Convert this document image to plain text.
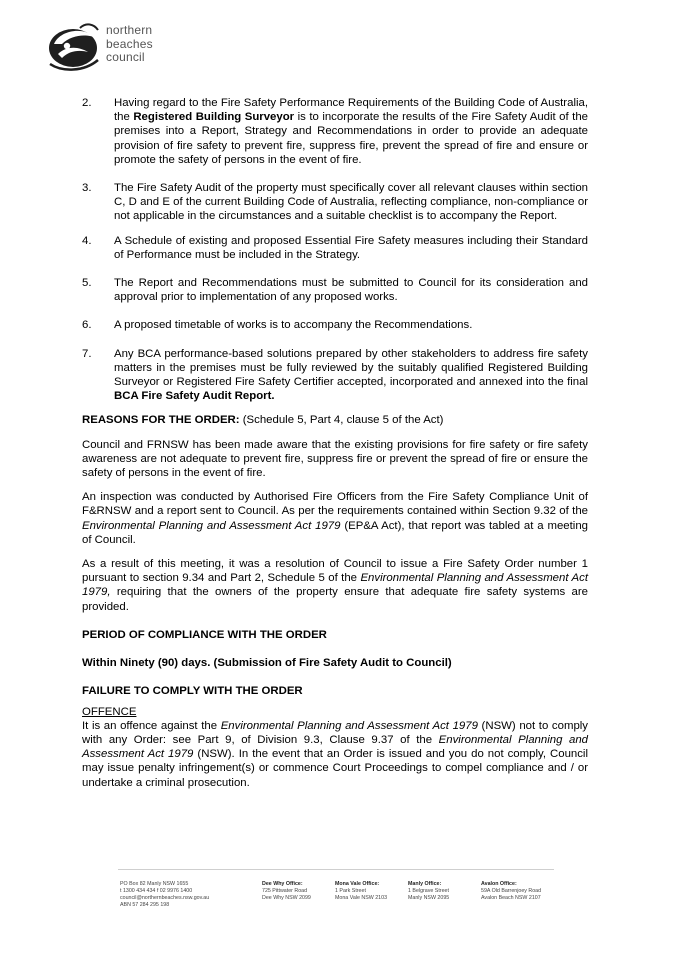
northern
beaches
council
2. Having regard to the Fire Safety Performance Requirements of the Building Code of Australia, the Registered Building Surveyor is to incorporate the results of the Fire Safety Audit of the premises into a Report, Strategy and Recommendations in order to provide an adequate provision of fire safety to prevent fire, suppress fire, prevent the spread of fire and ensure or promote the safety of persons in the event of fire.
3. The Fire Safety Audit of the property must specifically cover all relevant clauses within section C, D and E of the current Building Code of Australia, reflecting compliance, non-compliance or not applicable in the circumstances and a suitable checklist is to accompany the Report.
4. A Schedule of existing and proposed Essential Fire Safety measures including their Standard of Performance must be included in the Strategy.
5. The Report and Recommendations must be submitted to Council for its consideration and approval prior to implementation of any proposed works.
6. A proposed timetable of works is to accompany the Recommendations.
7. Any BCA performance-based solutions prepared by other stakeholders to address fire safety matters in the premises must be fully reviewed by the suitably qualified Registered Building Surveyor or Registered Fire Safety Certifier accepted, incorporated and annexed into the final BCA Fire Safety Audit Report.

REASONS FOR THE ORDER: (Schedule 5, Part 4, clause 5 of the Act)

Council and FRNSW has been made aware that the existing provisions for fire safety or fire safety awareness are not adequate to prevent fire, suppress fire or prevent the spread of fire or ensure the safety of persons in the event of fire.

An inspection was conducted by Authorised Fire Officers from the Fire Safety Compliance Unit of F&RNSW and a report sent to Council. As per the requirements contained within Section 9.32 of the Environmental Planning and Assessment Act 1979 (EP&A Act), that report was tabled at a meeting of Council.

As a result of this meeting, it was a resolution of Council to issue a Fire Safety Order number 1 pursuant to section 9.34 and Part 2, Schedule 5 of the Environmental Planning and Assessment Act 1979, requiring that the owners of the property ensure that adequate fire safety systems are provided.

PERIOD OF COMPLIANCE WITH THE ORDER

Within Ninety (90) days. (Submission of Fire Safety Audit to Council)

FAILURE TO COMPLY WITH THE ORDER

OFFENCE

It is an offence against the Environmental Planning and Assessment Act 1979 (NSW) not to comply with any Order: see Part 9, of Division 9.3, Clause 9.37 of the Environmental Planning and Assessment Act 1979 (NSW). In the event that an Order is issued and you do not comply, Council may issue penalty infringement(s) or commence Court Proceedings to compel compliance and / or undertake a criminal prosecution.

PO Box 82 Manly NSW 1655
t 1300 434 434 f 02 9976 1400
council@northernbeaches.nsw.gov.au
ABN 57 284 295 198
Dee Why Office:
725 Pittwater Road
Dee Why NSW 2099
Mona Vale Office:
1 Park Street
Mona Vale NSW 2103
Manly Office:
1 Belgrave Street
Manly NSW 2095
Avalon Office:
59A Old Barrenjoey Road
Avalon Beach NSW 2107
